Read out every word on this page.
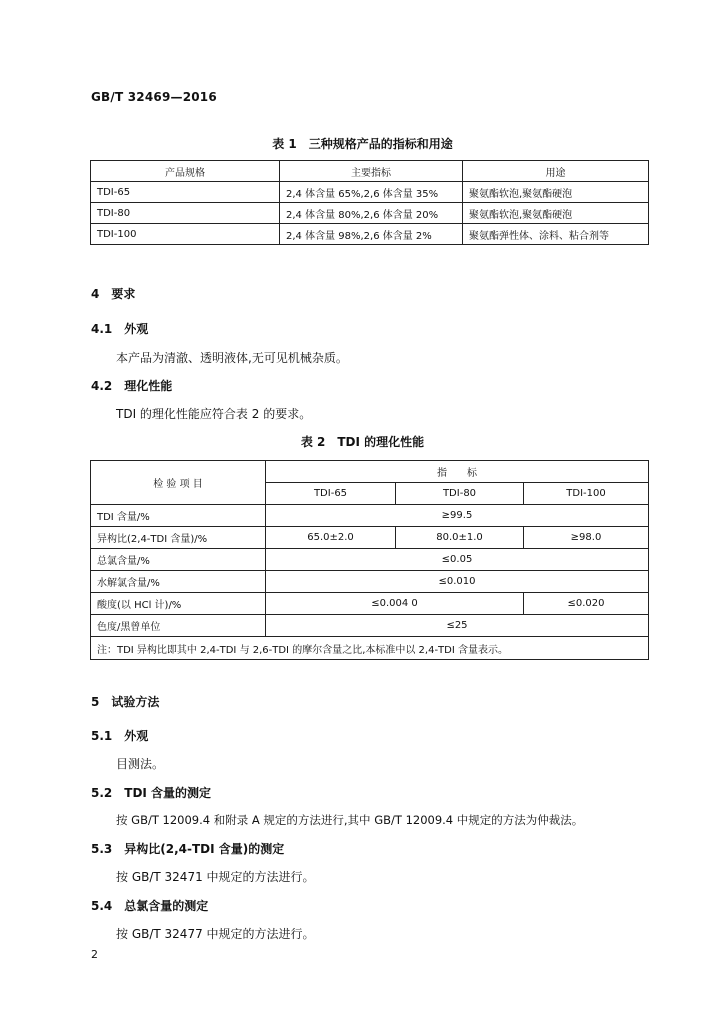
GB/T 32469—2016
表 1　三种规格产品的指标和用途
产品规格	主要指标	用途
TDI-65	2,4 体含量 65%,2,6 体含量 35%	聚氨酯软泡,聚氨酯硬泡
TDI-80	2,4 体含量 80%,2,6 体含量 20%	聚氨酯软泡,聚氨酯硬泡
TDI-100	2,4 体含量 98%,2,6 体含量 2%	聚氨酯弹性体、涂料、粘合剂等
4　要求
4.1　外观
本产品为清澈、透明液体,无可见机械杂质。
4.2　理化性能
TDI 的理化性能应符合表 2 的要求。
表 2　TDI 的理化性能
检 验 项 目	指　　标		
	TDI-65	TDI-80	TDI-100
TDI 含量/%	≥99.5		
异构比(2,4-TDI 含量)/%	65.0±2.0	80.0±1.0	≥98.0
总氯含量/%	≤0.05		
水解氯含量/%	≤0.010		
酸度(以 HCl 计)/%	≤0.004 0		≤0.020
色度/黑曾单位	≤25		
注：TDI 异构比即其中 2,4-TDI 与 2,6-TDI 的摩尔含量之比,本标准中以 2,4-TDI 含量表示。			
5　试验方法
5.1　外观
目测法。
5.2　TDI 含量的测定
按 GB/T 12009.4 和附录 A 规定的方法进行,其中 GB/T 12009.4 中规定的方法为仲裁法。
5.3　异构比(2,4-TDI 含量)的测定
按 GB/T 32471 中规定的方法进行。
5.4　总氯含量的测定
按 GB/T 32477 中规定的方法进行。
2
